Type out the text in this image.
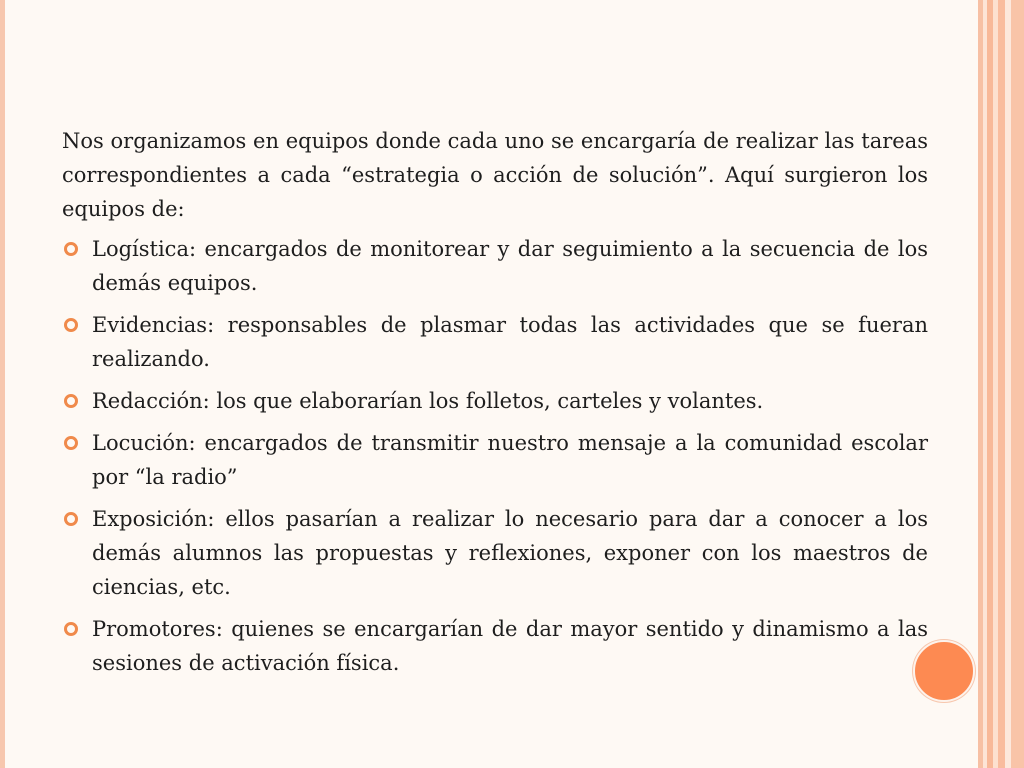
Nos organizamos en equipos donde cada uno se encargaría de realizar las tareas correspondientes a cada “estrategia o acción de solución”. Aquí surgieron los equipos de:

Logística: encargados de monitorear y dar seguimiento a la secuencia de los demás equipos.
Evidencias: responsables de plasmar todas las actividades que se fueran realizando.
Redacción: los que elaborarían los folletos, carteles y volantes.
Locución: encargados de transmitir nuestro mensaje a la comunidad escolar por “la radio”
Exposición: ellos pasarían a realizar lo necesario para dar a conocer a los demás alumnos las propuestas y reflexiones, exponer con los maestros de ciencias, etc.
Promotores: quienes se encargarían de dar mayor sentido y dinamismo a las sesiones de activación física.
